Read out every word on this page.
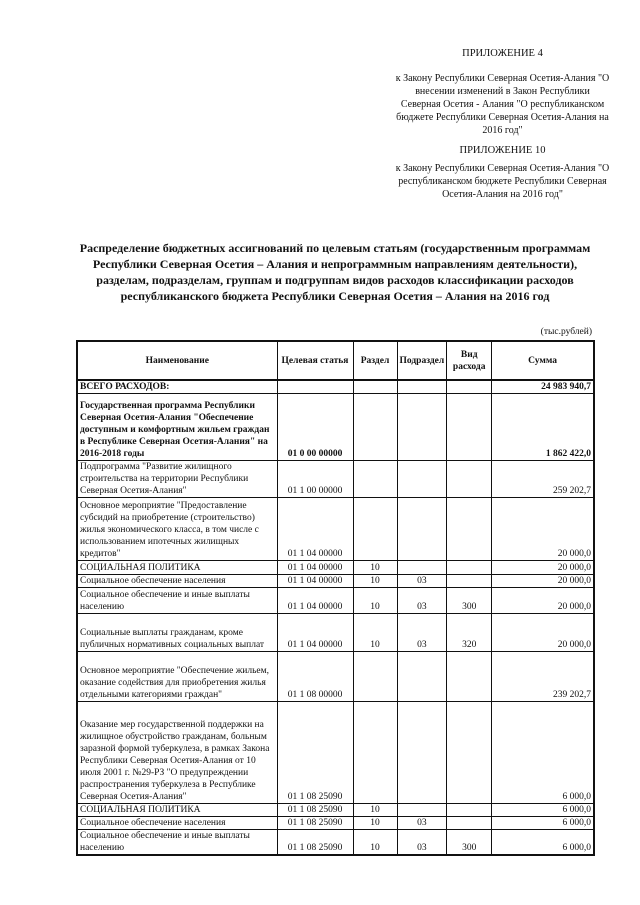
ПРИЛОЖЕНИЕ 4
к Закону Республики Северная Осетия-Алания "О внесении изменений в Закон Республики Северная Осетия - Алания "О республиканском бюджете Республики Северная Осетия-Алания на 2016 год"
ПРИЛОЖЕНИЕ 10
к Закону Республики Северная Осетия-Алания "О республиканском бюджете Республики Северная Осетия-Алания на 2016 год"
Распределение бюджетных ассигнований по целевым статьям (государственным программам Республики Северная Осетия – Алания и непрограммным направлениям деятельности), разделам, подразделам, группам и подгруппам видов расходов классификации расходов республиканского бюджета Республики Северная Осетия – Алания на 2016 год
(тыс.рублей)
Наименование	Целевая статья	Раздел	Подраздел	Вид расхода	Сумма
ВСЕГО РАСХОДОВ:					24 983 940,7
Государственная программа Республики Северная Осетия-Алания "Обеспечение доступным и комфортным жильем граждан в Республике Северная Осетия-Алания" на 2016-2018 годы	01 0 00 00000				1 862 422,0
Подпрограмма "Развитие жилищного строительства на территории Республики Северная Осетия-Алания"	01 1 00 00000				259 202,7
Основное мероприятие "Предоставление субсидий на приобретение (строительство) жилья экономического класса, в том числе с использованием ипотечных жилищных кредитов"	01 1 04 00000				20 000,0
СОЦИАЛЬНАЯ ПОЛИТИКА	01 1 04 00000	10			20 000,0
Социальное обеспечение населения	01 1 04 00000	10	03		20 000,0
Социальное обеспечение и иные выплаты населению	01 1 04 00000	10	03	300	20 000,0
Социальные выплаты гражданам, кроме публичных нормативных социальных выплат	01 1 04 00000	10	03	320	20 000,0
Основное мероприятие "Обеспечение жильем, оказание содействия для приобретения жилья отдельными категориями граждан"	01 1 08 00000				239 202,7
Оказание мер государственной поддержки на жилищное обустройство гражданам, больным заразной формой туберкулеза, в рамках Закона Республики Северная Осетия-Алания от 10 июля 2001 г. №29-РЗ "О предупреждении распространения туберкулеза в Республике Северная Осетия-Алания"	01 1 08 25090				6 000,0
СОЦИАЛЬНАЯ ПОЛИТИКА	01 1 08 25090	10			6 000,0
Социальное обеспечение населения	01 1 08 25090	10	03		6 000,0
Социальное обеспечение и иные выплаты населению	01 1 08 25090	10	03	300	6 000,0
